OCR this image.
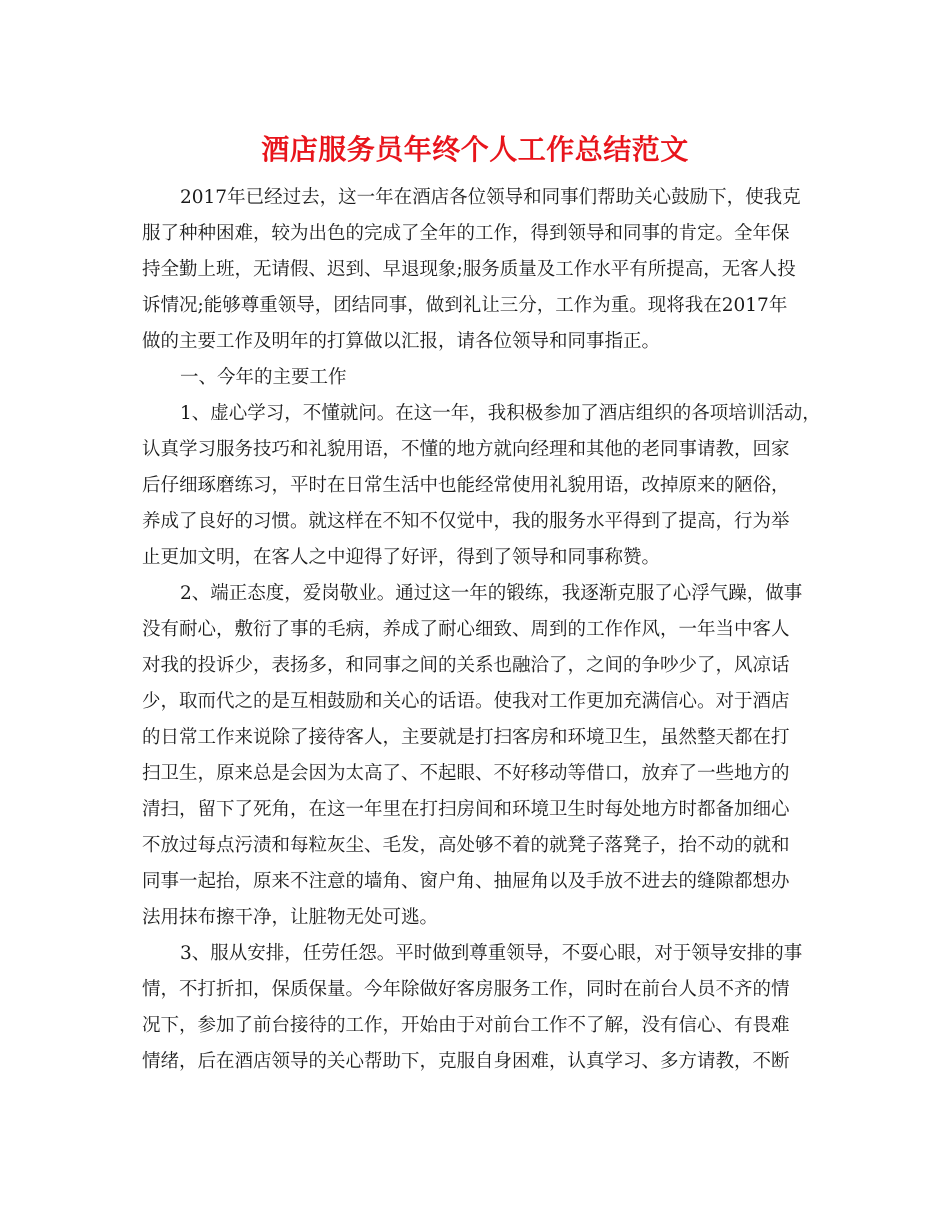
酒店服务员年终个人工作总结范文
2017年已经过去，这一年在酒店各位领导和同事们帮助关心鼓励下，使我克
服了种种困难，较为出色的完成了全年的工作，得到领导和同事的肯定。全年保
持全勤上班，无请假、迟到、早退现象;服务质量及工作水平有所提高，无客人投
诉情况;能够尊重领导，团结同事，做到礼让三分，工作为重。现将我在2017年
做的主要工作及明年的打算做以汇报，请各位领导和同事指正。
一、今年的主要工作
1、虚心学习，不懂就问。在这一年，我积极参加了酒店组织的各项培训活动，
认真学习服务技巧和礼貌用语，不懂的地方就向经理和其他的老同事请教，回家
后仔细琢磨练习，平时在日常生活中也能经常使用礼貌用语，改掉原来的陋俗，
养成了良好的习惯。就这样在不知不仅觉中，我的服务水平得到了提高，行为举
止更加文明，在客人之中迎得了好评，得到了领导和同事称赞。
2、端正态度，爱岗敬业。通过这一年的锻练，我逐渐克服了心浮气躁，做事
没有耐心，敷衍了事的毛病，养成了耐心细致、周到的工作作风，一年当中客人
对我的投诉少，表扬多，和同事之间的关系也融洽了，之间的争吵少了，风凉话
少，取而代之的是互相鼓励和关心的话语。使我对工作更加充满信心。对于酒店
的日常工作来说除了接待客人，主要就是打扫客房和环境卫生，虽然整天都在打
扫卫生，原来总是会因为太高了、不起眼、不好移动等借口，放弃了一些地方的
清扫，留下了死角，在这一年里在打扫房间和环境卫生时每处地方时都备加细心
不放过每点污渍和每粒灰尘、毛发，高处够不着的就凳子落凳子，抬不动的就和
同事一起抬，原来不注意的墙角、窗户角、抽屉角以及手放不进去的缝隙都想办
法用抹布擦干净，让脏物无处可逃。
3、服从安排，任劳任怨。平时做到尊重领导，不耍心眼，对于领导安排的事
情，不打折扣，保质保量。今年除做好客房服务工作，同时在前台人员不齐的情
况下，参加了前台接待的工作，开始由于对前台工作不了解，没有信心、有畏难
情绪，后在酒店领导的关心帮助下，克服自身困难，认真学习、多方请教，不断
